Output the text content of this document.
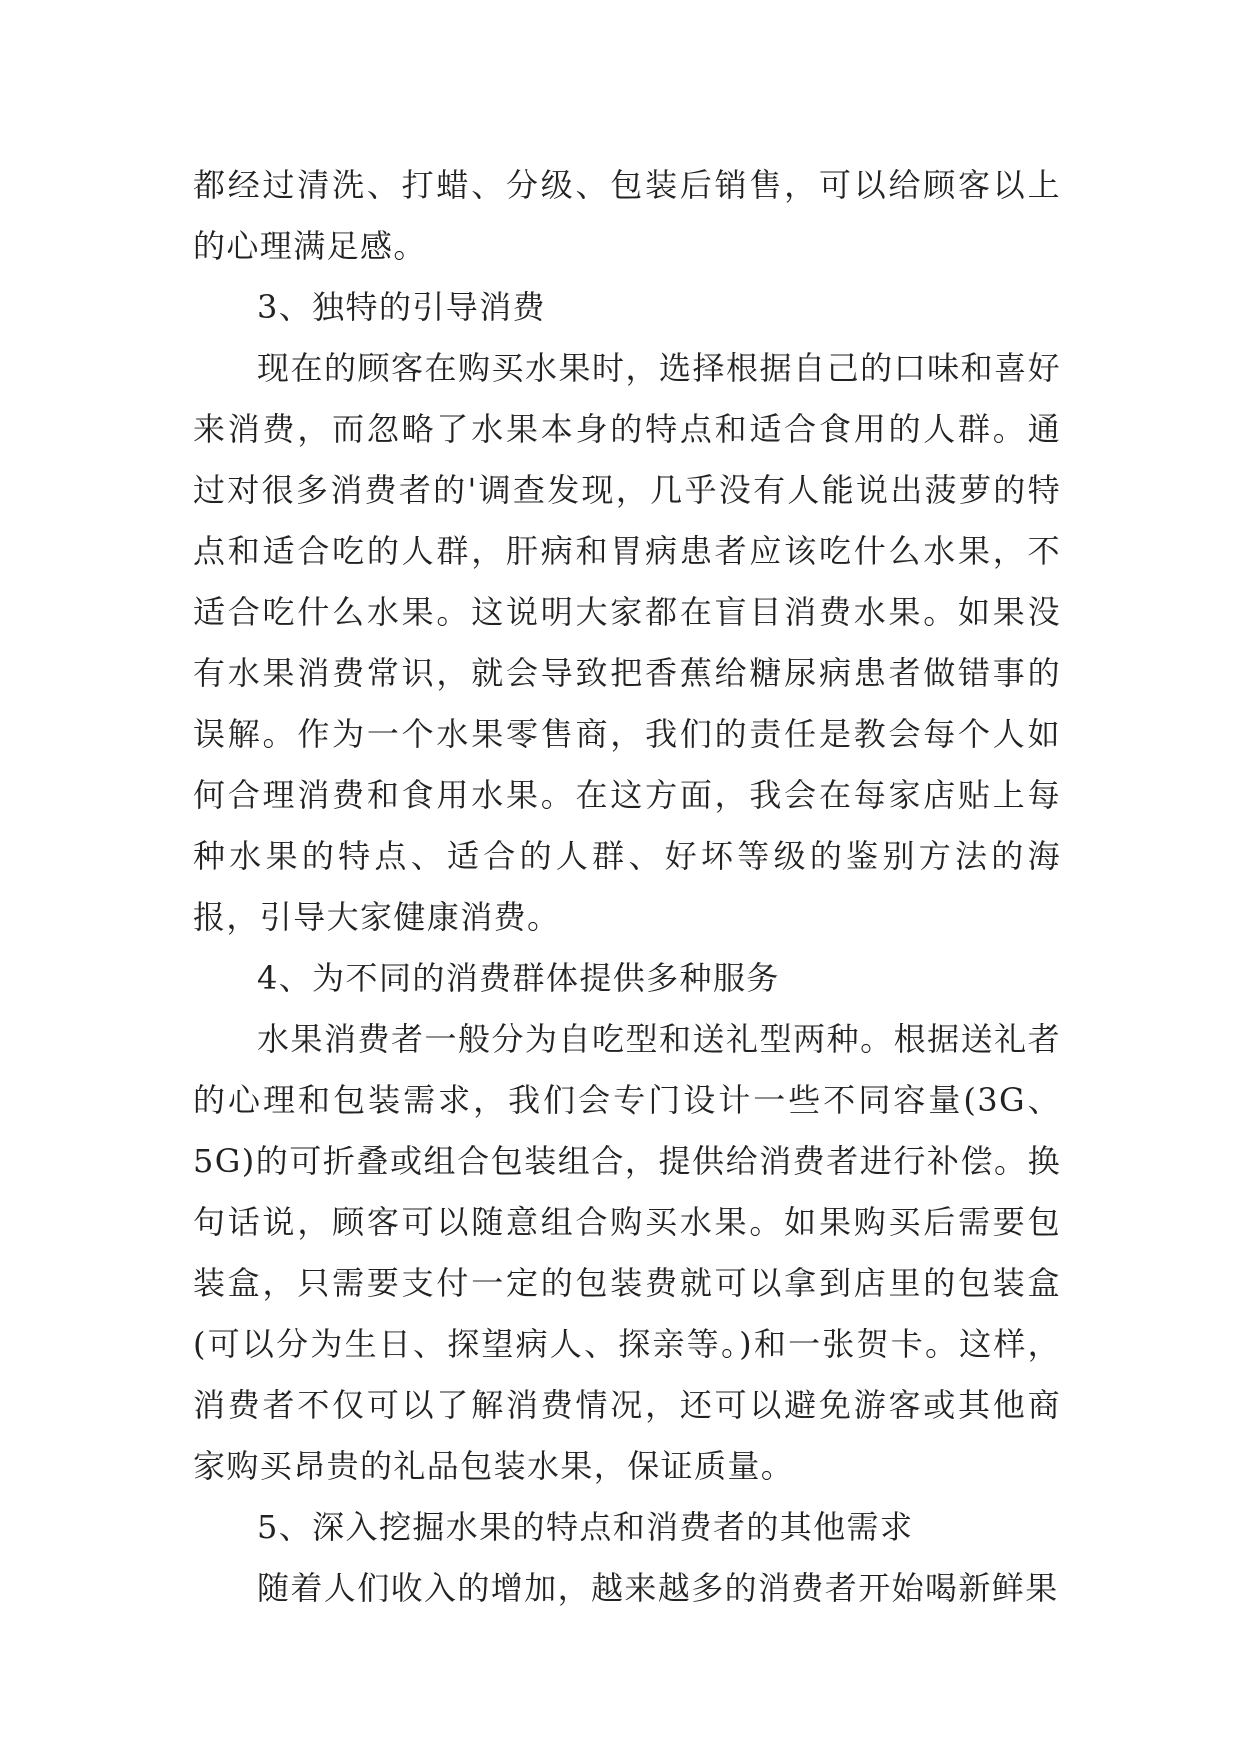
都经过清洗、打蜡、分级、包装后销售，可以给顾客以上的心理满足感。

3、独特的引导消费

现在的顾客在购买水果时，选择根据自己的口味和喜好来消费，而忽略了水果本身的特点和适合食用的人群。通过对很多消费者的'调查发现，几乎没有人能说出菠萝的特点和适合吃的人群，肝病和胃病患者应该吃什么水果，不适合吃什么水果。这说明大家都在盲目消费水果。如果没有水果消费常识，就会导致把香蕉给糖尿病患者做错事的误解。作为一个水果零售商，我们的责任是教会每个人如何合理消费和食用水果。在这方面，我会在每家店贴上每种水果的特点、适合的人群、好坏等级的鉴别方法的海报，引导大家健康消费。

4、为不同的消费群体提供多种服务

水果消费者一般分为自吃型和送礼型两种。根据送礼者的心理和包装需求，我们会专门设计一些不同容量(3G、5G)的可折叠或组合包装组合，提供给消费者进行补偿。换句话说，顾客可以随意组合购买水果。如果购买后需要包装盒，只需要支付一定的包装费就可以拿到店里的包装盒(可以分为生日、探望病人、探亲等。)和一张贺卡。这样，消费者不仅可以了解消费情况，还可以避免游客或其他商家购买昂贵的礼品包装水果，保证质量。

5、深入挖掘水果的特点和消费者的其他需求

随着人们收入的增加，越来越多的消费者开始喝新鲜果
